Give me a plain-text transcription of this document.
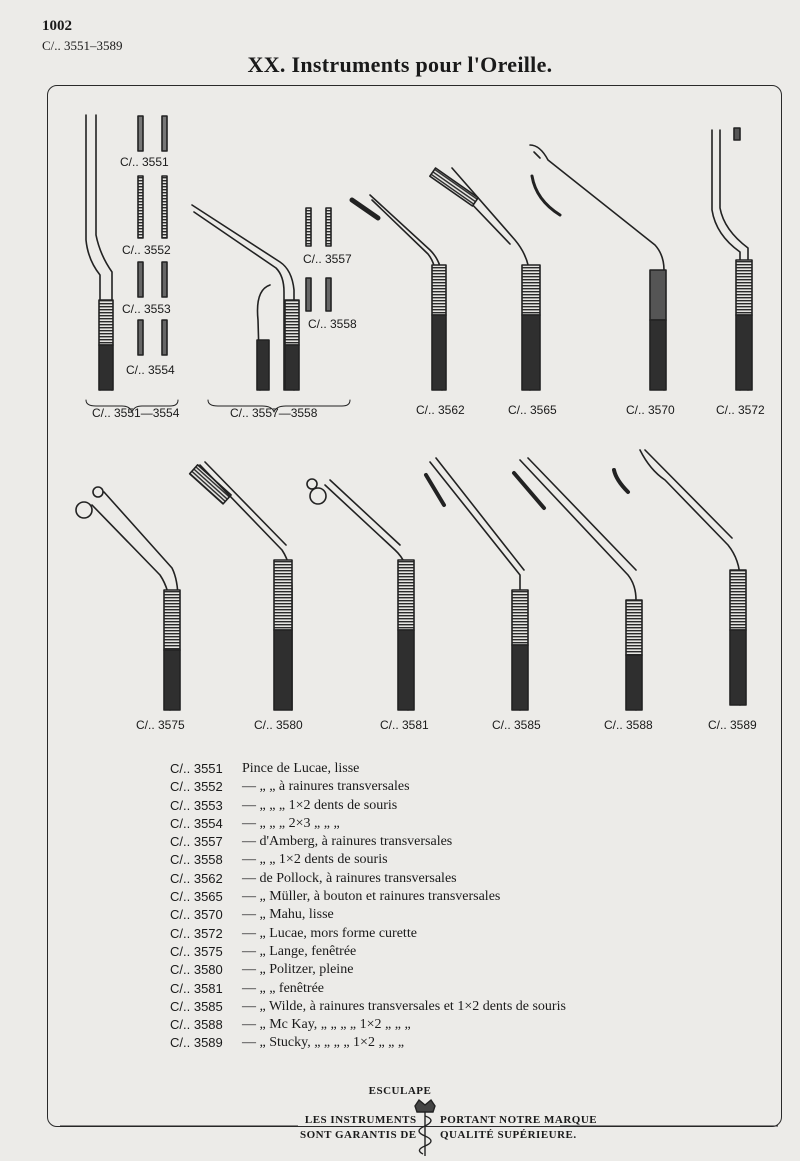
1002
C/.. 3551–3589
XX. Instruments pour l'Oreille.
C/.. 3551
C/.. 3552
C/.. 3553
C/.. 3554
C/.. 3557
C/.. 3558
C/.. 3551—3554	C/.. 3557—3558	C/.. 3562	C/.. 3565	C/.. 3570	C/.. 3572
C/.. 3575	C/.. 3580	C/.. 3581	C/.. 3585	C/.. 3588	C/.. 3589
C/.. 3551	Pince de Lucae, lisse
C/.. 3552	— „ „ à rainures transversales
C/.. 3553	— „ „ „ 1×2 dents de souris
C/.. 3554	— „ „ „ 2×3 „ „ „
C/.. 3557	— d'Amberg, à rainures transversales
C/.. 3558	— „ „ 1×2 dents de souris
C/.. 3562	— de Pollock, à rainures transversales
C/.. 3565	— „ Müller, à bouton et rainures transversales
C/.. 3570	— „ Mahu, lisse
C/.. 3572	— „ Lucae, mors forme curette
C/.. 3575	— „ Lange, fenêtrée
C/.. 3580	— „ Politzer, pleine
C/.. 3581	— „ „ fenêtrée
C/.. 3585	— „ Wilde, à rainures transversales et 1×2 dents de souris
C/.. 3588	— „ Mc Kay, „ „ „ „ 1×2 „ „ „
C/.. 3589	— „ Stucky, „ „ „ „ 1×2 „ „ „
ESCULAPE
LES INSTRUMENTS
SONT GARANTIS DE
PORTANT NOTRE MARQUE
QUALITÉ SUPÉRIEURE.
